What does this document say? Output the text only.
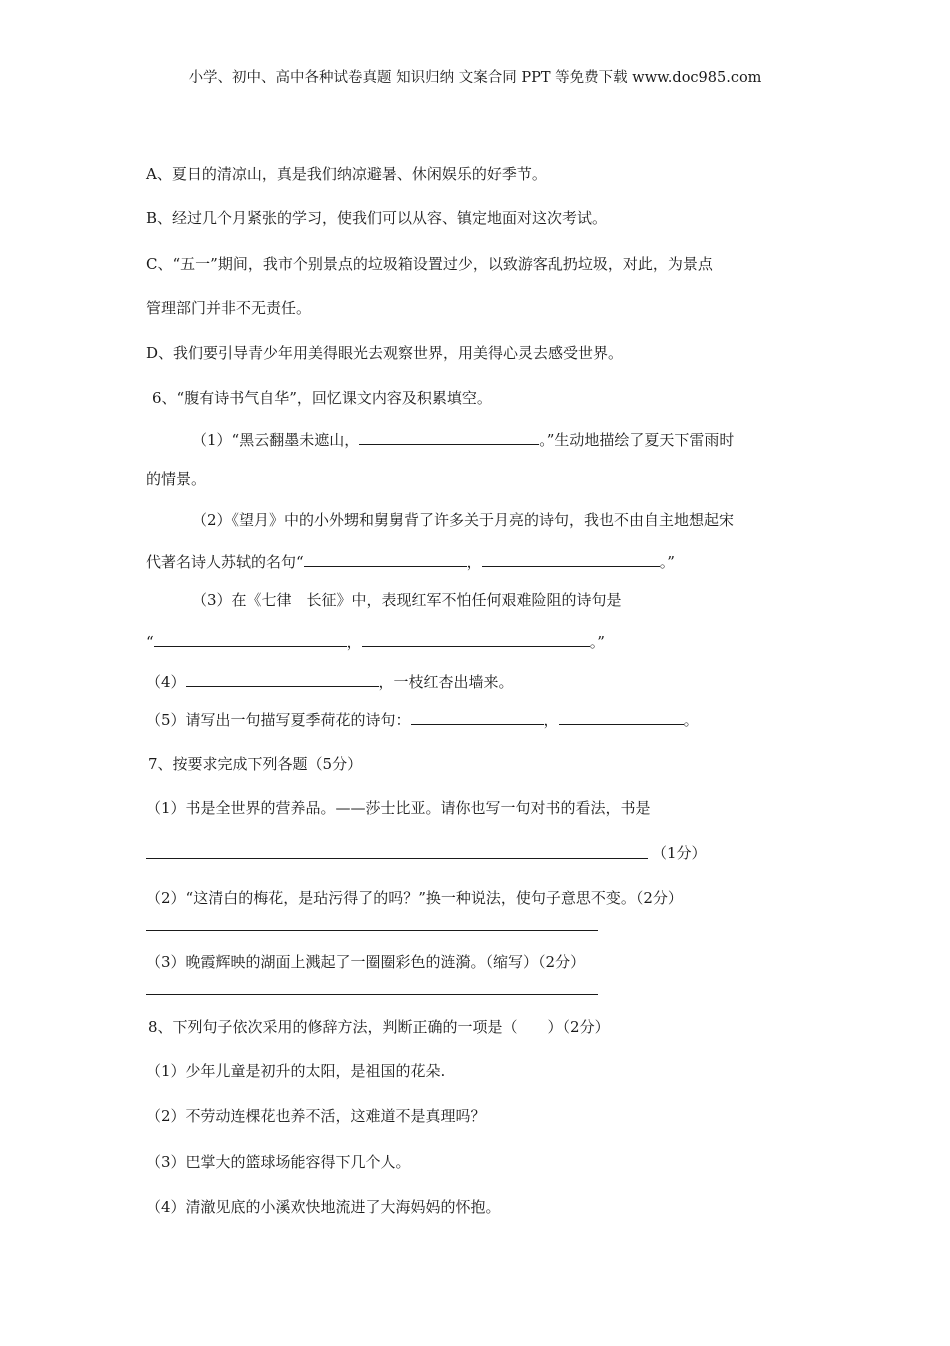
小学、初中、高中各种试卷真题 知识归纳 文案合同 PPT 等免费下载 www.doc985.com
A、夏日的清凉山，真是我们纳凉避暑、休闲娱乐的好季节。
B、经过几个月紧张的学习，使我们可以从容、镇定地面对这次考试。
C、“五一”期间，我市个别景点的垃圾箱设置过少，以致游客乱扔垃圾，对此，为景点
管理部门并非不无责任。
D、我们要引导青少年用美得眼光去观察世界，用美得心灵去感受世界。
6、“腹有诗书气自华”，回忆课文内容及积累填空。
（1）“黑云翻墨未遮山，	。”生动地描绘了夏天下雷雨时
的情景。
（2）《望月》中的小外甥和舅舅背了许多关于月亮的诗句，我也不由自主地想起宋
代著名诗人苏轼的名句“	，	。”
（3）在《七律　长征》中，表现红军不怕任何艰难险阻的诗句是
“	，	。”
（4）	，一枝红杏出墙来。
（5）请写出一句描写夏季荷花的诗句：	，	。
7、按要求完成下列各题（5分）
（1）书是全世界的营养品。——莎士比亚。请你也写一句对书的看法，书是
（1分）
（2）“这清白的梅花，是玷污得了的吗？”换一种说法，使句子意思不变。（2分）
（3）晚霞辉映的湖面上溅起了一圈圈彩色的涟漪。（缩写）（2分）
8、下列句子依次采用的修辞方法，判断正确的一项是（　　）（2分）
（1）少年儿童是初升的太阳，是祖国的花朵.
（2）不劳动连棵花也养不活，这难道不是真理吗？
（3）巴掌大的篮球场能容得下几个人。
（4）清澈见底的小溪欢快地流进了大海妈妈的怀抱。
